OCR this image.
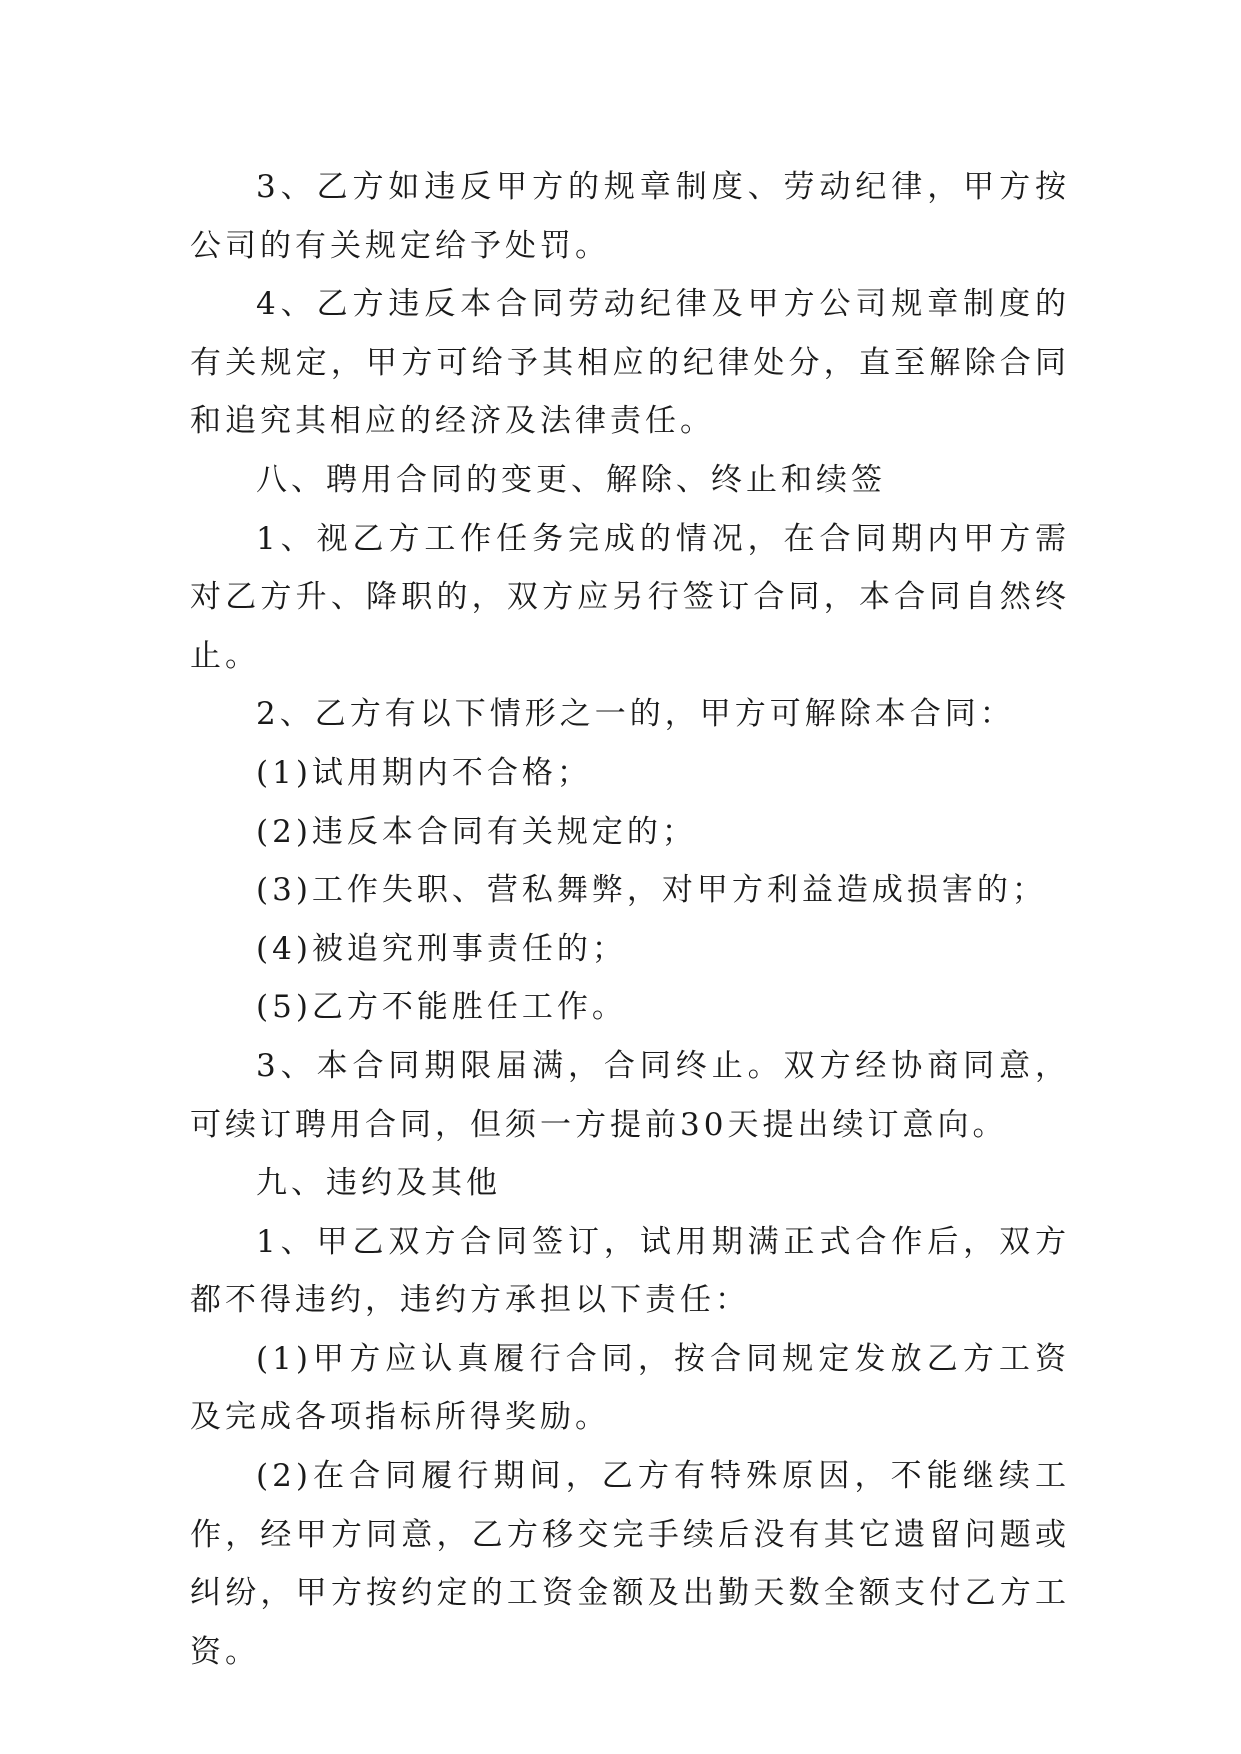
3、乙方如违反甲方的规章制度、劳动纪律，甲方按公司的有关规定给予处罚。

4、乙方违反本合同劳动纪律及甲方公司规章制度的有关规定，甲方可给予其相应的纪律处分，直至解除合同和追究其相应的经济及法律责任。

八、聘用合同的变更、解除、终止和续签

1、视乙方工作任务完成的情况，在合同期内甲方需对乙方升、降职的，双方应另行签订合同，本合同自然终止。

2、乙方有以下情形之一的，甲方可解除本合同：

(1)试用期内不合格；

(2)违反本合同有关规定的；

(3)工作失职、营私舞弊，对甲方利益造成损害的；

(4)被追究刑事责任的；

(5)乙方不能胜任工作。

3、本合同期限届满，合同终止。双方经协商同意，可续订聘用合同，但须一方提前30天提出续订意向。

九、违约及其他

1、甲乙双方合同签订，试用期满正式合作后，双方都不得违约，违约方承担以下责任：

(1)甲方应认真履行合同，按合同规定发放乙方工资及完成各项指标所得奖励。

(2)在合同履行期间，乙方有特殊原因，不能继续工作，经甲方同意，乙方移交完手续后没有其它遗留问题或纠纷，甲方按约定的工资金额及出勤天数全额支付乙方工资。
